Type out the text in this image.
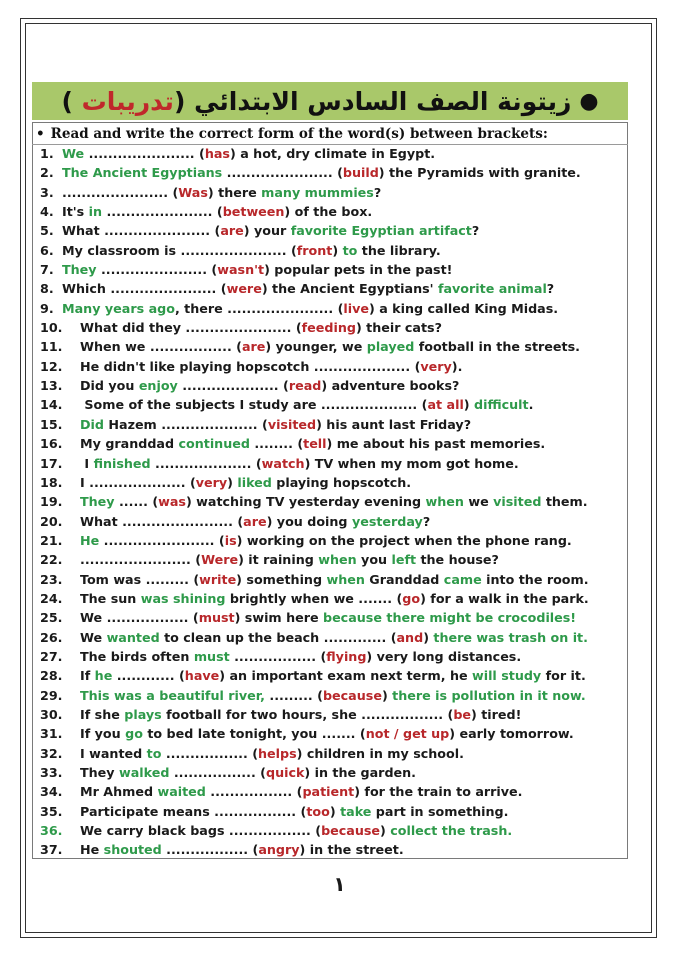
●
زيتونة الصف السادس الابتدائي

(
تدريبات

)
• Read and write the correct form of the word(s) between brackets:
1. We ...................... (has) a hot, dry climate in Egypt.
2. The Ancient Egyptians ...................... (build) the Pyramids with granite.
3. ...................... (Was) there many mummies?
4. It's in ...................... (between) of the box.
5. What ...................... (are) your favorite Egyptian artifact?
6. My classroom is ...................... (front) to the library.
7. They ...................... (wasn't) popular pets in the past!
8. Which ...................... (were) the Ancient Egyptians' favorite animal?
9. Many years ago, there ...................... (live) a king called King Midas.
10. What did they ...................... (feeding) their cats?
11. When we ................. (are) younger, we played football in the streets.
12. He didn't like playing hopscotch .................... (very).
13. Did you enjoy .................... (read) adventure books?
14. Some of the subjects I study are .................... (at all) difficult.
15. Did Hazem .................... (visited) his aunt last Friday?
16. My granddad continued ........ (tell) me about his past memories.
17. I finished .................... (watch) TV when my mom got home.
18. I .................... (very) liked playing hopscotch.
19. They ...... (was) watching TV yesterday evening when we visited them.
20. What ....................... (are) you doing yesterday?
21. He ....................... (is) working on the project when the phone rang.
22. ....................... (Were) it raining when you left the house?
23. Tom was ......... (write) something when Granddad came into the room.
24. The sun was shining brightly when we ....... (go) for a walk in the park.
25. We ................. (must) swim here because there might be crocodiles!
26. We wanted to clean up the beach ............. (and) there was trash on it.
27. The birds often must ................. (flying) very long distances.
28. If he ............ (have) an important exam next term, he will study for it.
29. This was a beautiful river, ......... (because) there is pollution in it now.
30. If she plays football for two hours, she ................. (be) tired!
31. If you go to bed late tonight, you ....... (not / get up) early tomorrow.
32. I wanted to ................. (helps) children in my school.
33. They walked ................. (quick) in the garden.
34. Mr Ahmed waited ................. (patient) for the train to arrive.
35. Participate means ................. (too) take part in something.
36. We carry black bags ................. (because) collect the trash.
37. He shouted ................. (angry) in the street.
١
